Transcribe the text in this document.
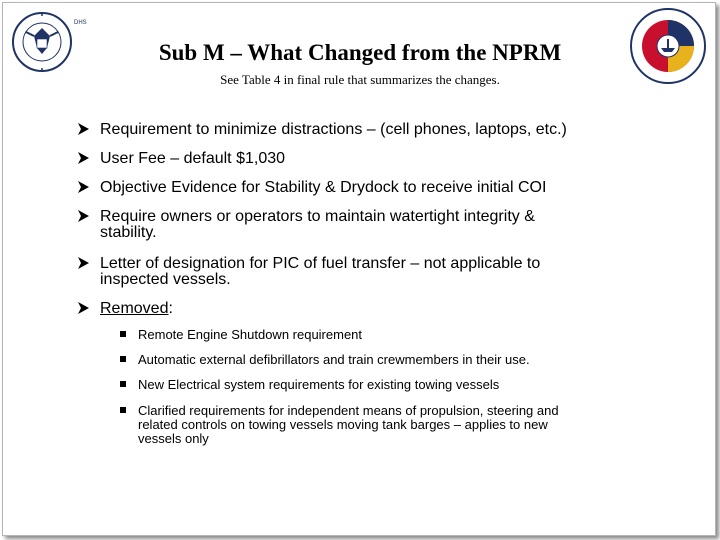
DHS
Sub M – What Changed from the NPRM
See Table 4 in final rule that summarizes the changes.
Requirement to minimize distractions – (cell phones, laptops, etc.)
User Fee – default $1,030
Objective Evidence for Stability & Drydock to receive initial COI
Require owners or operators to maintain watertight integrity &
stability.
Letter of designation for PIC of fuel transfer – not applicable to
inspected vessels.
Removed:
Remote Engine Shutdown requirement
Automatic external defibrillators and train crewmembers in their use.
New Electrical system requirements for existing towing vessels
Clarified requirements for independent means of propulsion, steering and
related controls on towing vessels moving tank barges – applies to new
vessels only
